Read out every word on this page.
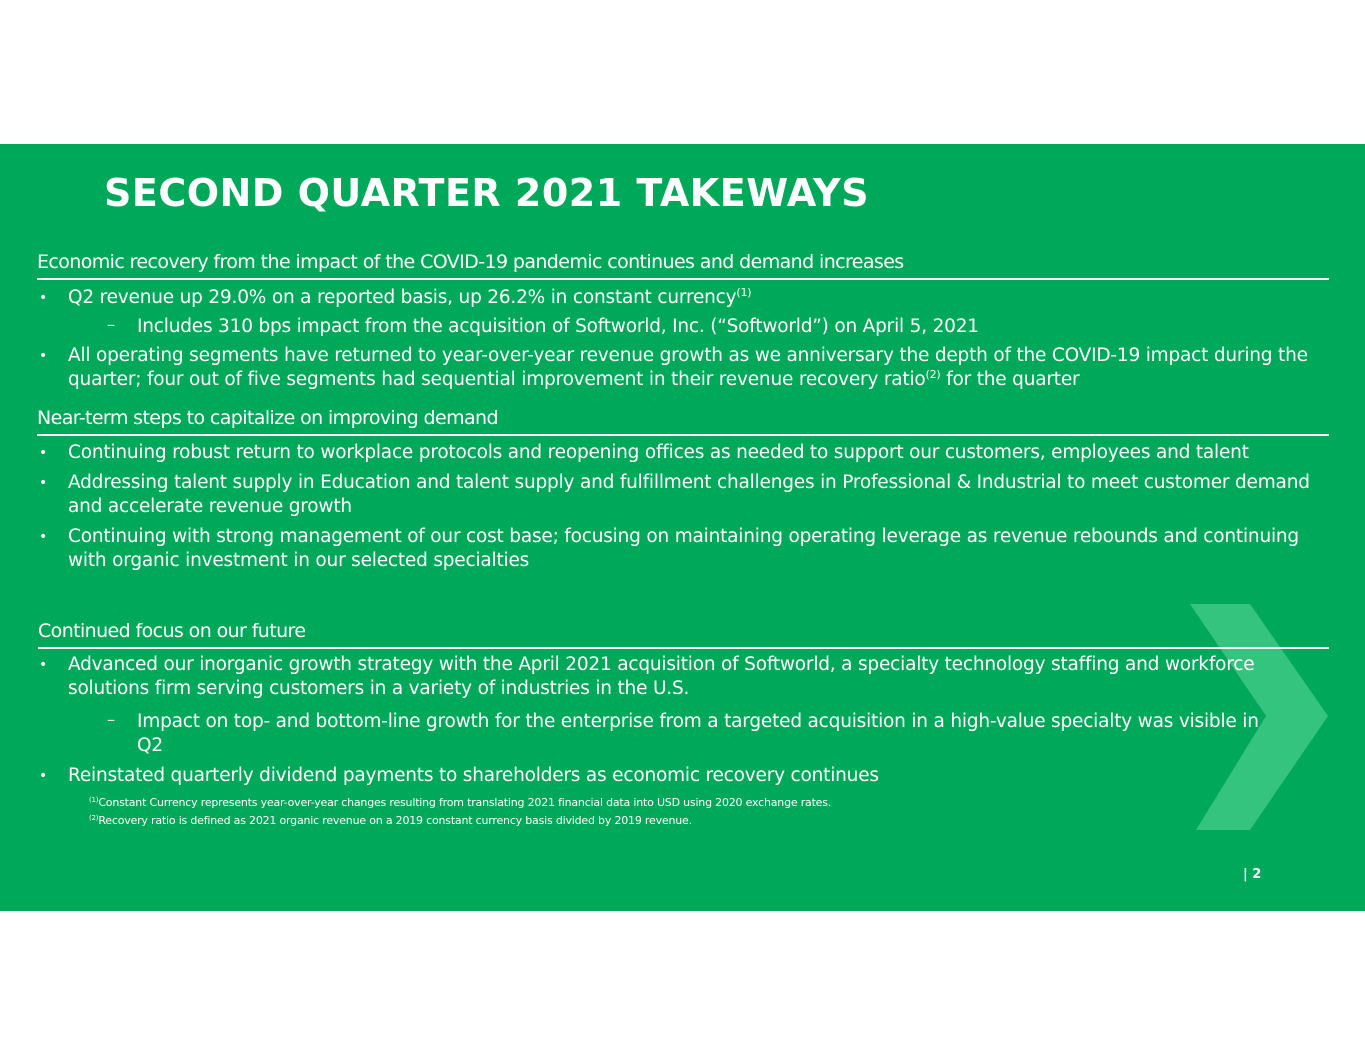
SECOND QUARTER 2021 TAKEWAYS
Economic recovery from the impact of the COVID-19 pandemic continues and demand increases
• Q2 revenue up 29.0% on a reported basis, up 26.2% in constant currency$^{(1)}$
– Includes 310 bps impact from the acquisition of Softworld, Inc. (“Softworld”) on April 5, 2021
• All operating segments have returned to year-over-year revenue growth as we anniversary the depth of the COVID-19 impact during the quarter; four out of five segments had sequential improvement in their revenue recovery ratio$^{(2)}$ for the quarter
Near-term steps to capitalize on improving demand
• Continuing robust return to workplace protocols and reopening offices as needed to support our customers, employees and talent
• Addressing talent supply in Education and talent supply and fulfillment challenges in Professional & Industrial to meet customer demand and accelerate revenue growth
• Continuing with strong management of our cost base; focusing on maintaining operating leverage as revenue rebounds and continuing with organic investment in our selected specialties
Continued focus on our future
• Advanced our inorganic growth strategy with the April 2021 acquisition of Softworld, a specialty technology staffing and workforce solutions firm serving customers in a variety of industries in the U.S.
– Impact on top- and bottom-line growth for the enterprise from a targeted acquisition in a high-value specialty was visible in Q2
• Reinstated quarterly dividend payments to shareholders as economic recovery continues
$^{(1)}$Constant Currency represents year-over-year changes resulting from translating 2021 financial data into USD using 2020 exchange rates.
$^{(2)}$Recovery ratio is defined as 2021 organic revenue on a 2019 constant currency basis divided by 2019 revenue.
| 2
